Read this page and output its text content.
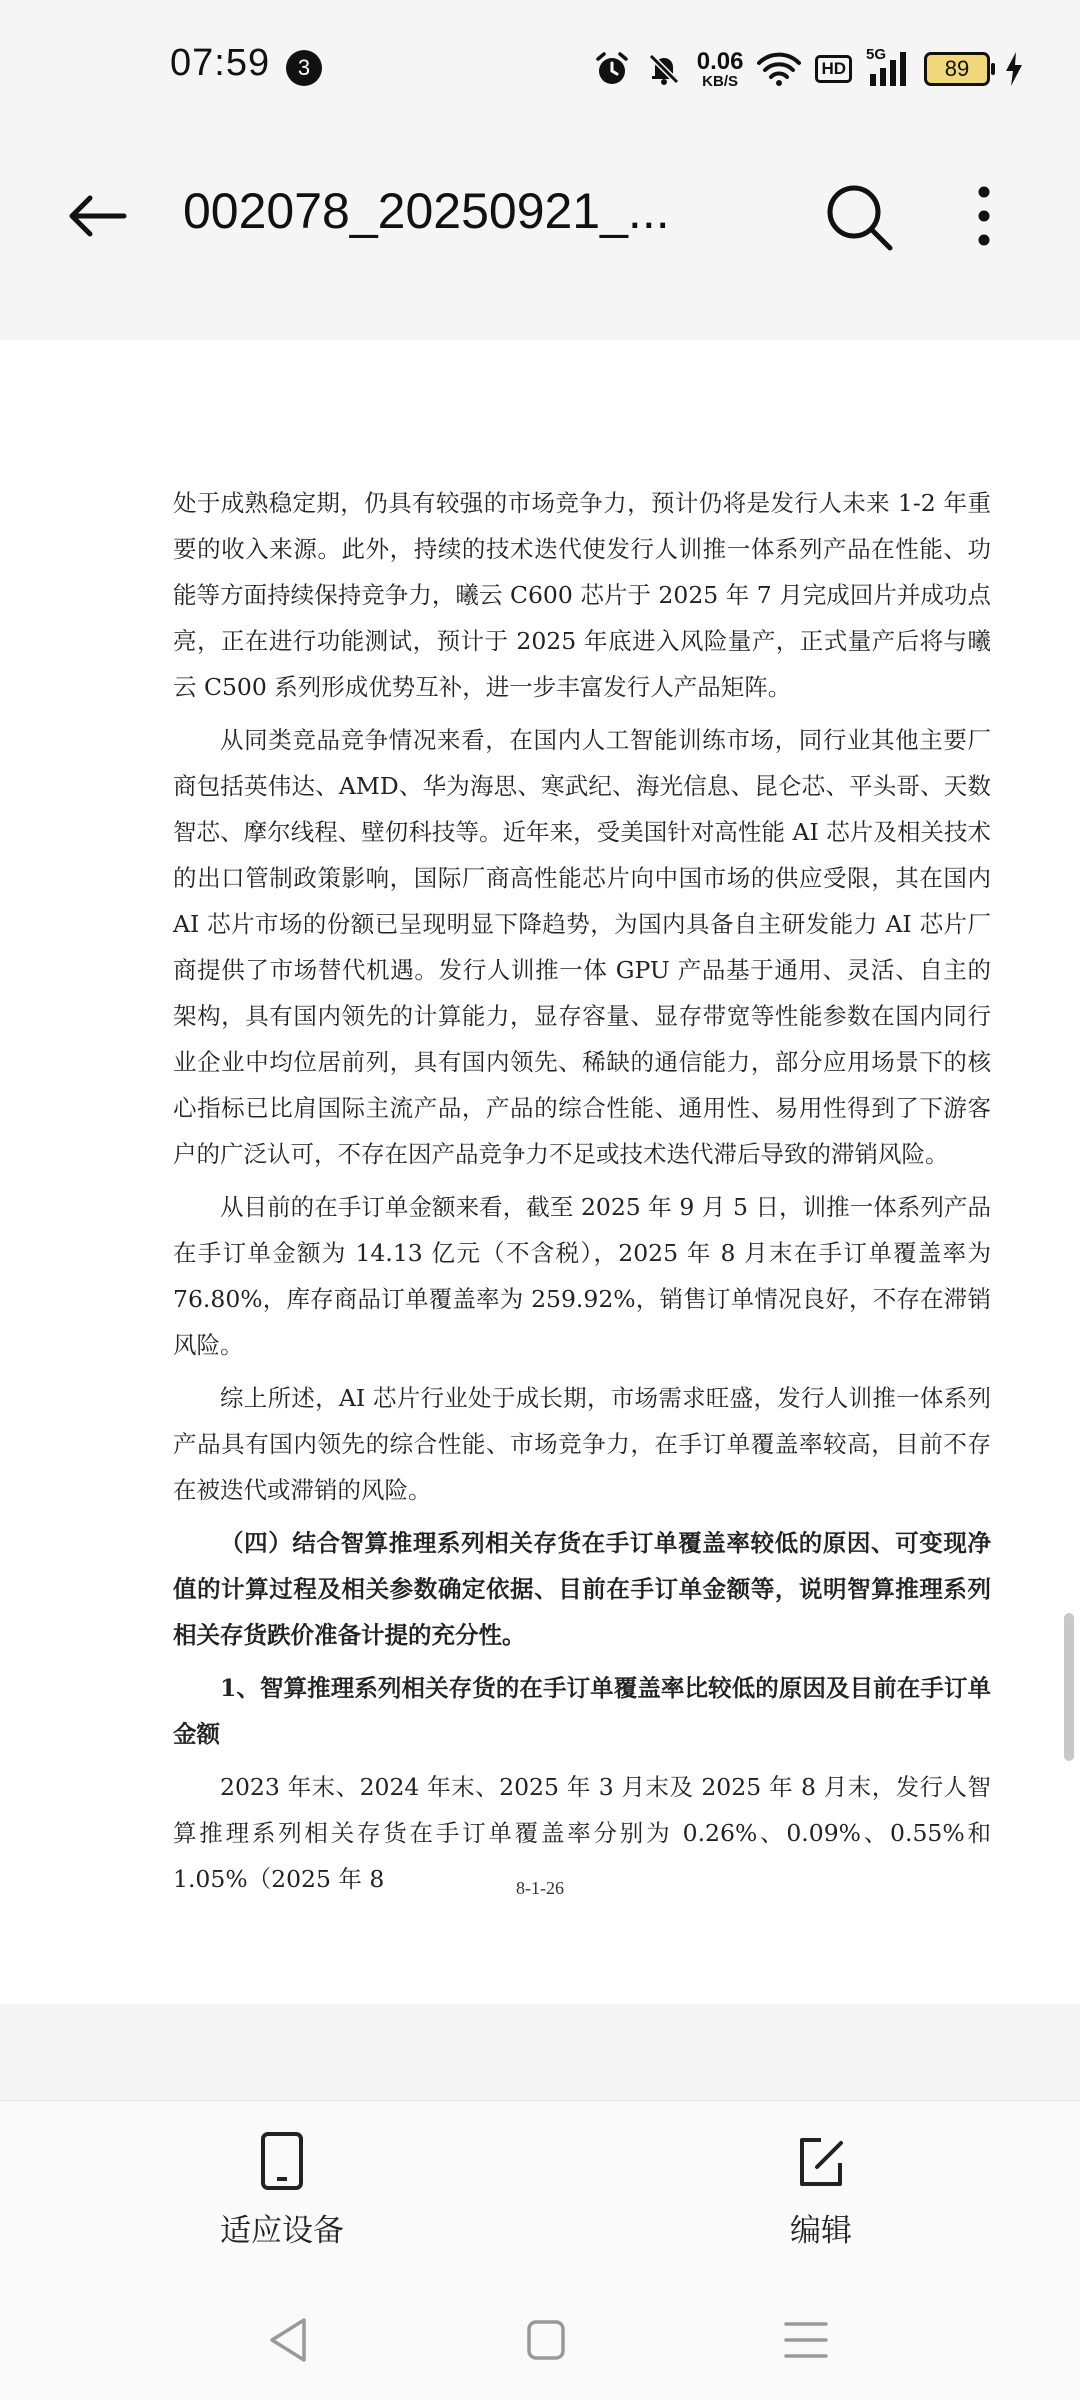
07:59	3	0.06
KB/S
HD
5G
89
002078_20250921_...

处于成熟稳定期，仍具有较强的市场竞争力，预计仍将是发行人未来 1-2 年重要的收入来源。此外，持续的技术迭代使发行人训推一体系列产品在性能、功能等方面持续保持竞争力，曦云 C600 芯片于 2025 年 7 月完成回片并成功点亮，正在进行功能测试，预计于 2025 年底进入风险量产，正式量产后将与曦云 C500 系列形成优势互补，进一步丰富发行人产品矩阵。

从同类竞品竞争情况来看，在国内人工智能训练市场，同行业其他主要厂商包括英伟达、AMD、华为海思、寒武纪、海光信息、昆仑芯、平头哥、天数智芯、摩尔线程、壁仞科技等。近年来，受美国针对高性能 AI 芯片及相关技术的出口管制政策影响，国际厂商高性能芯片向中国市场的供应受限，其在国内 AI 芯片市场的份额已呈现明显下降趋势，为国内具备自主研发能力 AI 芯片厂商提供了市场替代机遇。发行人训推一体 GPU 产品基于通用、灵活、自主的架构，具有国内领先的计算能力，显存容量、显存带宽等性能参数在国内同行业企业中均位居前列，具有国内领先、稀缺的通信能力，部分应用场景下的核心指标已比肩国际主流产品，产品的综合性能、通用性、易用性得到了下游客户的广泛认可，不存在因产品竞争力不足或技术迭代滞后导致的滞销风险。

从目前的在手订单金额来看，截至 2025 年 9 月 5 日，训推一体系列产品在手订单金额为 14.13 亿元（不含税），2025 年 8 月末在手订单覆盖率为 76.80%，库存商品订单覆盖率为 259.92%，销售订单情况良好，不存在滞销风险。

综上所述，AI 芯片行业处于成长期，市场需求旺盛，发行人训推一体系列产品具有国内领先的综合性能、市场竞争力，在手订单覆盖率较高，目前不存在被迭代或滞销的风险。

（四）结合智算推理系列相关存货在手订单覆盖率较低的原因、可变现净值的计算过程及相关参数确定依据、目前在手订单金额等，说明智算推理系列相关存货跌价准备计提的充分性。

1、智算推理系列相关存货的在手订单覆盖率比较低的原因及目前在手订单金额

2023 年末、2024 年末、2025 年 3 月末及 2025 年 8 月末，发行人智算推理系列相关存货在手订单覆盖率分别为 0.26%、0.09%、0.55%和 1.05%（2025 年 8	8-1-26
适应设备	编辑
